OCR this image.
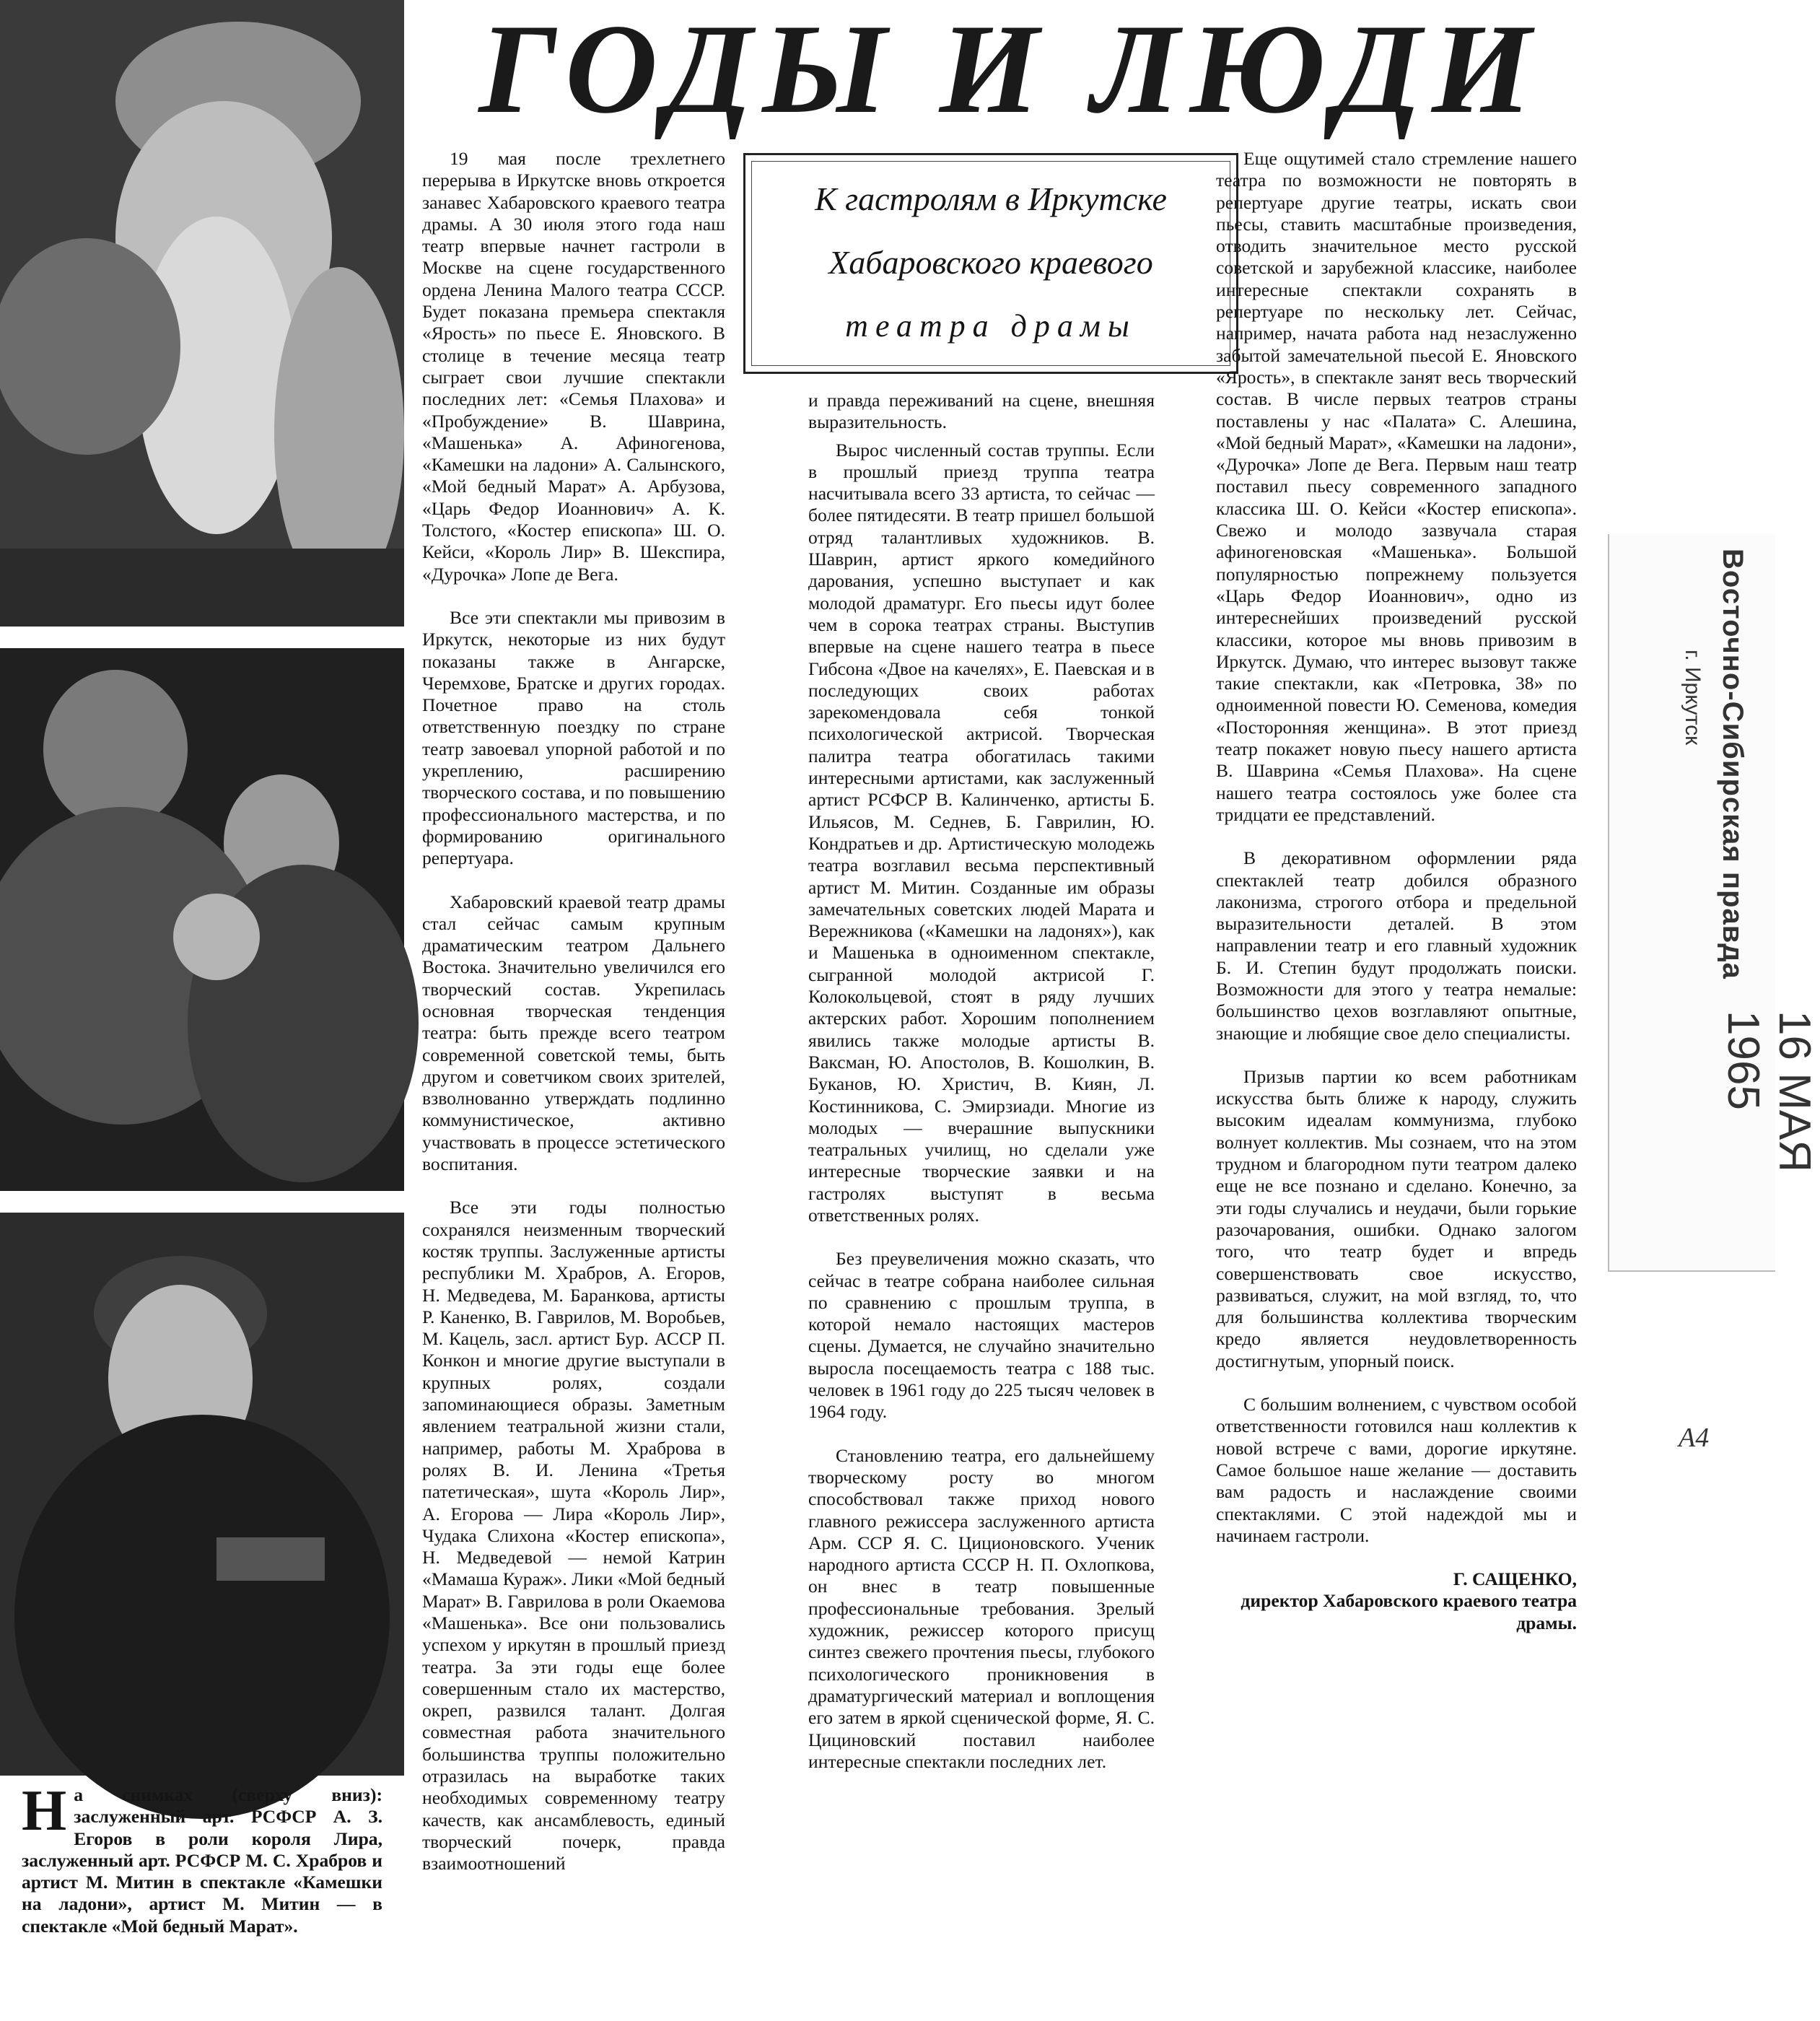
ГОДЫ И ЛЮДИ
К гастролям в Иркутске
Хабаровского краевого
театра драмы

19 мая после трехлетнего перерыва в Иркутске вновь откроется занавес Хабаровского краевого театра драмы. А 30 июля этого года наш театр впервые начнет гастроли в Москве на сцене государственного ордена Ленина Малого театра СССР. Будет показана премьера спектакля «Ярость» по пьесе Е. Яновского. В столице в течение месяца театр сыграет свои лучшие спектакли последних лет: «Семья Плахова» и «Пробуждение» В. Шаврина, «Машенька» А. Афиногенова, «Камешки на ладони» А. Салынского, «Мой бедный Марат» А. Арбузова, «Царь Федор Иоаннович» А. К. Толстого, «Костер епископа» Ш. О. Кейси, «Король Лир» В. Шекспира, «Дурочка» Лопе де Вега.

Все эти спектакли мы привозим в Иркутск, некоторые из них будут показаны также в Ангарске, Черемхове, Братске и других городах. Почетное право на столь ответственную поездку по стране театр завоевал упорной работой и по укреплению, расширению творческого состава, и по повышению профессионального мастерства, и по формированию оригинального репертуара.

Хабаровский краевой театр драмы стал сейчас самым крупным драматическим театром Дальнего Востока. Значительно увеличился его творческий состав. Укрепилась основная творческая тенденция театра: быть прежде всего театром современной советской темы, быть другом и советчиком своих зрителей, взволнованно утверждать подлинно коммунистическое, активно участвовать в процессе эстетического воспитания.

Все эти годы полностью сохранялся неизменным творческий костяк труппы. Заслуженные артисты республики М. Храбров, А. Егоров, Н. Медведева, М. Баранкова, артисты Р. Каненко, В. Гаврилов, М. Воробьев, М. Кацель, засл. артист Бур. АССР П. Конкон и многие другие выступали в крупных ролях, создали запоминающиеся образы. Заметным явлением театральной жизни стали, например, работы М. Храброва в ролях В. И. Ленина «Третья патетическая», шута «Король Лир», А. Егорова — Лира «Король Лир», Чудака Слихона «Костер епископа», Н. Медведевой — немой Катрин «Мамаша Кураж». Лики «Мой бедный Марат» В. Гаврилова в роли Окаемова «Машенька». Все они пользовались успехом у иркутян в прошлый приезд театра. За эти годы еще более совершенным стало их мастерство, окреп, развился талант. Долгая совместная работа значительного большинства труппы положительно отразилась на выработке таких необходимых современному театру качеств, как ансамблевость, единый творческий почерк, правда взаимоотношений

и правда переживаний на сцене, внешняя выразительность.

Вырос численный состав труппы. Если в прошлый приезд труппа театра насчитывала всего 33 артиста, то сейчас — более пятидесяти. В театр пришел большой отряд талантливых художников. В. Шаврин, артист яркого комедийного дарования, успешно выступает и как молодой драматург. Его пьесы идут более чем в сорока театрах страны. Выступив впервые на сцене нашего театра в пьесе Гибсона «Двое на качелях», Е. Паевская и в последующих своих работах зарекомендовала себя тонкой психологической актрисой. Творческая палитра театра обогатилась такими интересными артистами, как заслуженный артист РСФСР В. Калинченко, артисты Б. Ильясов, М. Седнев, Б. Гаврилин, Ю. Кондратьев и др. Артистическую молодежь театра возглавил весьма перспективный артист М. Митин. Созданные им образы замечательных советских людей Марата и Вережникова («Камешки на ладонях»), как и Машенька в одноименном спектакле, сыгранной молодой актрисой Г. Колокольцевой, стоят в ряду лучших актерских работ. Хорошим пополнением явились также молодые артисты В. Ваксман, Ю. Апостолов, В. Кошолкин, В. Буканов, Ю. Христич, В. Киян, Л. Костинникова, С. Эмирзиади. Многие из молодых — вчерашние выпускники театральных училищ, но сделали уже интересные творческие заявки и на гастролях выступят в весьма ответственных ролях.

Без преувеличения можно сказать, что сейчас в театре собрана наиболее сильная по сравнению с прошлым труппа, в которой немало настоящих мастеров сцены. Думается, не случайно значительно выросла посещаемость театра с 188 тыс. человек в 1961 году до 225 тысяч человек в 1964 году.

Становлению театра, его дальнейшему творческому росту во многом способствовал также приход нового главного режиссера заслуженного артиста Арм. ССР Я. С. Циционовского. Ученик народного артиста СССР Н. П. Охлопкова, он внес в театр повышенные профессиональные требования. Зрелый художник, режиссер которого присущ синтез свежего прочтения пьесы, глубокого психологического проникновения в драматургический материал и воплощения его затем в яркой сценической форме, Я. С. Цициновский поставил наиболее интересные спектакли последних лет.

Еще ощутимей стало стремление нашего театра по возможности не повторять в репертуаре другие театры, искать свои пьесы, ставить масштабные произведения, отводить значительное место русской советской и зарубежной классике, наиболее интересные спектакли сохранять в репертуаре по нескольку лет. Сейчас, например, начата работа над незаслуженно забытой замечательной пьесой Е. Яновского «Ярость», в спектакле занят весь творческий состав. В числе первых театров страны поставлены у нас «Палата» С. Алешина, «Мой бедный Марат», «Камешки на ладони», «Дурочка» Лопе де Вега. Первым наш театр поставил пьесу современного западного классика Ш. О. Кейси «Костер епископа». Свежо и молодо зазвучала старая афиногеновская «Машенька». Большой популярностью попрежнему пользуется «Царь Федор Иоаннович», одно из интереснейших произведений русской классики, которое мы вновь привозим в Иркутск. Думаю, что интерес вызовут также такие спектакли, как «Петровка, 38» по одноименной повести Ю. Семенова, комедия «Посторонняя женщина». В этот приезд театр покажет новую пьесу нашего артиста В. Шаврина «Семья Плахова». На сцене нашего театра состоялось уже более ста тридцати ее представлений.

В декоративном оформлении ряда спектаклей театр добился образного лаконизма, строгого отбора и предельной выразительности деталей. В этом направлении театр и его главный художник Б. И. Степин будут продолжать поиски. Возможности для этого у театра немалые: большинство цехов возглавляют опытные, знающие и любящие свое дело специалисты.

Призыв партии ко всем работникам искусства быть ближе к народу, служить высоким идеалам коммунизма, глубоко волнует коллектив. Мы сознаем, что на этом трудном и благородном пути театром далеко еще не все познано и сделано. Конечно, за эти годы случались и неудачи, были горькие разочарования, ошибки. Однако залогом того, что театр будет и впредь совершенствовать свое искусство, развиваться, служит, на мой взгляд, то, что для большинства коллектива творческим кредо является неудовлетворенность достигнутым, упорный поиск.

С большим волнением, с чувством особой ответственности готовился наш коллектив к новой встрече с вами, дорогие иркутяне. Самое большое наше желание — доставить вам радость и наслаждение своими спектаклями. С этой надеждой мы и начинаем гастроли.

Г. САЩЕНКО,
директор Хабаровского краевого театра драмы.
Н а снимках (сверху вниз): заслуженный арт. РСФСР А. З. Егоров в роли короля Лира, заслуженный арт. РСФСР М. С. Храбров и артист М. Митин в спектакле «Камешки на ладони», артист М. Митин — в спектакле «Мой бедный Марат».
Восточно-Сибирская правда
г. Иркутск
16 МАЯ 1965
А4
